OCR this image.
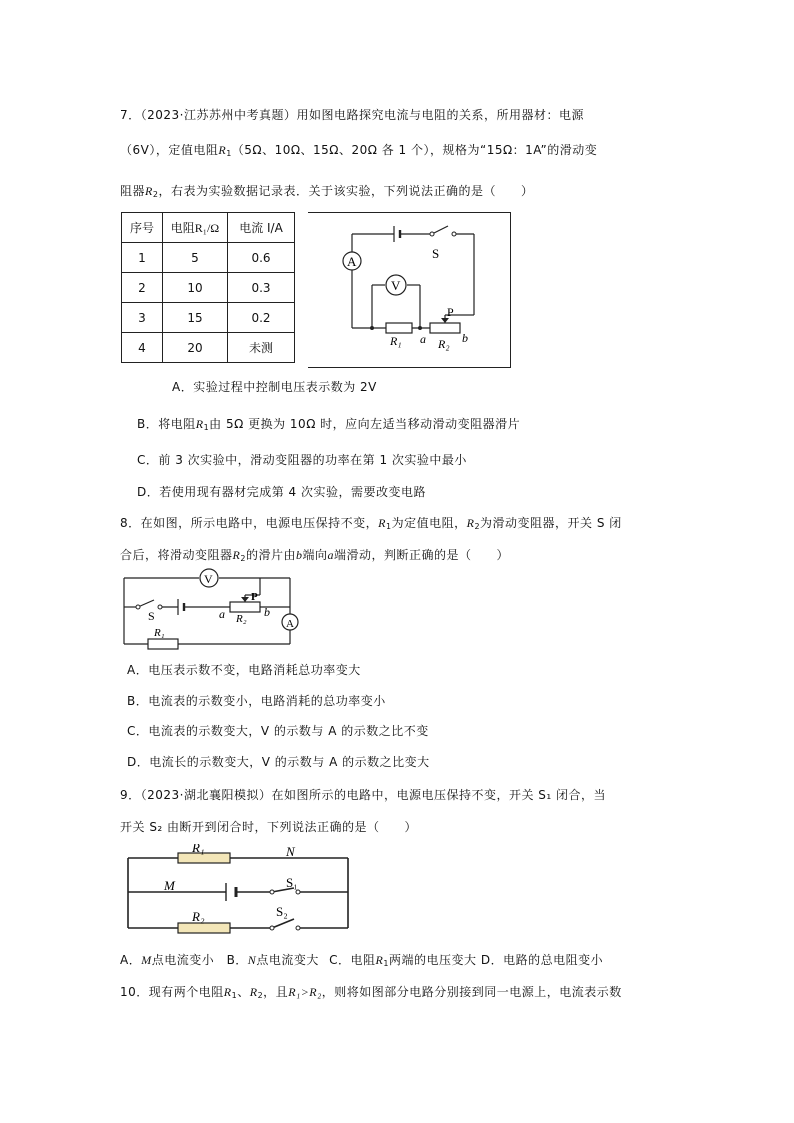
7．（2023·江苏苏州中考真题）用如图电路探究电流与电阻的关系，所用器材：电源
（6V），定值电阻$R_1(5\Omega$、10Ω、15Ω、20Ω 各 1 个），规格为“15Ω：1A”的滑动变
阻器$R_2$，右表为实验数据记录表．关于该实验，下列说法正确的是（　　）
序号	电阻R₁/Ω	电流 I/A
1	5	0.6
2	10	0.3
3	15	0.2
4	20	未测
A
V
S
P
R₁ a R₂ b
A．实验过程中控制电压表示数为 2V
B．将电阻$R_1$由 5Ω 更换为 10Ω 时，应向左适当移动滑动变阻器滑片
C．前 3 次实验中，滑动变阻器的功率在第 1 次实验中最小
D．若使用现有器材完成第 4 次实验，需要改变电路
8．在如图，所示电路中，电源电压保持不变，$R_1$为定值电阻，$R_2$为滑动变阻器，开关 S 闭
合后，将滑动变阻器$R_2$的滑片由b端向a端滑动，判断正确的是（　　）
V
A
S
P
a R₂ b
R₁
A．电压表示数不变，电路消耗总功率变大
B．电流表的示数变小，电路消耗的总功率变小
C．电流表的示数变大，V 的示数与 A 的示数之比不变
D．电流长的示数变大，V 的示数与 A 的示数之比变大
9．（2023·湖北襄阳模拟）在如图所示的电路中，电源电压保持不变，开关 S₁ 闭合，当
开关 S₂ 由断开到闭合时，下列说法正确的是（　　）
R₁
R₂
N
M	S₁
S₂
A．M点电流变小 B．N点电流变大 C．电阻$R_1$两端的电压变大 D．电路的总电阻变小
10．现有两个电阻$R_1$、$R_2$，且R₁>R₂，则将如图部分电路分别接到同一电源上，电流表示数
